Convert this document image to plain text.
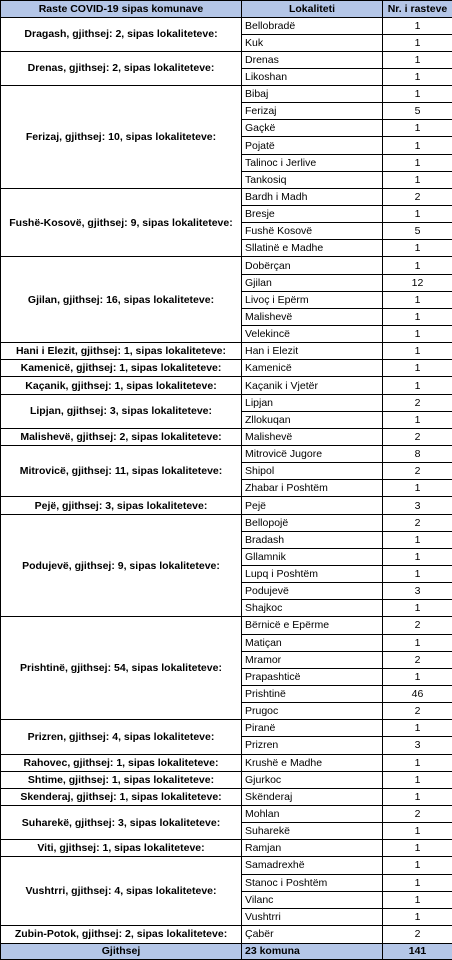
Raste COVID-19 sipas komunave	Lokaliteti	Nr. i rasteve
Dragash, gjithsej: 2, sipas lokaliteteve:	Bellobradë	1
	Kuk	1
Drenas, gjithsej: 2, sipas lokaliteteve:	Drenas	1
	Likoshan	1
Ferizaj, gjithsej: 10, sipas lokaliteteve:	Bibaj	1
	Ferizaj	5
	Gaçkë	1
	Pojatë	1
	Talinoc i Jerlive	1
	Tankosiq	1
Fushë-Kosovë, gjithsej: 9, sipas lokaliteteve:	Bardh i Madh	2
	Bresje	1
	Fushë Kosovë	5
	Sllatinë e Madhe	1
Gjilan, gjithsej: 16, sipas lokaliteteve:	Dobërçan	1
	Gjilan	12
	Livoç i Epërm	1
	Malishevë	1
	Velekincë	1
Hani i Elezit, gjithsej: 1, sipas lokaliteteve:	Han i Elezit	1
Kamenicë, gjithsej: 1, sipas lokaliteteve:	Kamenicë	1
Kaçanik, gjithsej: 1, sipas lokaliteteve:	Kaçanik i Vjetër	1
Lipjan, gjithsej: 3, sipas lokaliteteve:	Lipjan	2
	Zllokuqan	1
Malishevë, gjithsej: 2, sipas lokaliteteve:	Malishevë	2
Mitrovicë, gjithsej: 11, sipas lokaliteteve:	Mitrovicë Jugore	8
	Shipol	2
	Zhabar i Poshtëm	1
Pejë, gjithsej: 3, sipas lokaliteteve:	Pejë	3
Podujevë, gjithsej: 9, sipas lokaliteteve:	Bellopojë	2
	Bradash	1
	Gllamnik	1
	Lupq i Poshtëm	1
	Podujevë	3
	Shajkoc	1
Prishtinë, gjithsej: 54, sipas lokaliteteve:	Bërnicë e Epërme	2
	Matiçan	1
	Mramor	2
	Prapashticë	1
	Prishtinë	46
	Prugoc	2
Prizren, gjithsej: 4, sipas lokaliteteve:	Piranë	1
	Prizren	3
Rahovec, gjithsej: 1, sipas lokaliteteve:	Krushë e Madhe	1
Shtime, gjithsej: 1, sipas lokaliteteve:	Gjurkoc	1
Skenderaj, gjithsej: 1, sipas lokaliteteve:	Skënderaj	1
Suharekë, gjithsej: 3, sipas lokaliteteve:	Mohlan	2
	Suharekë	1
Viti, gjithsej: 1, sipas lokaliteteve:	Ramjan	1
Vushtrri, gjithsej: 4, sipas lokaliteteve:	Samadrexhë	1
	Stanoc i Poshtëm	1
	Vilanc	1
	Vushtrri	1
Zubin-Potok, gjithsej: 2, sipas lokaliteteve:	Çabër	2
Gjithsej	23 komuna	141
